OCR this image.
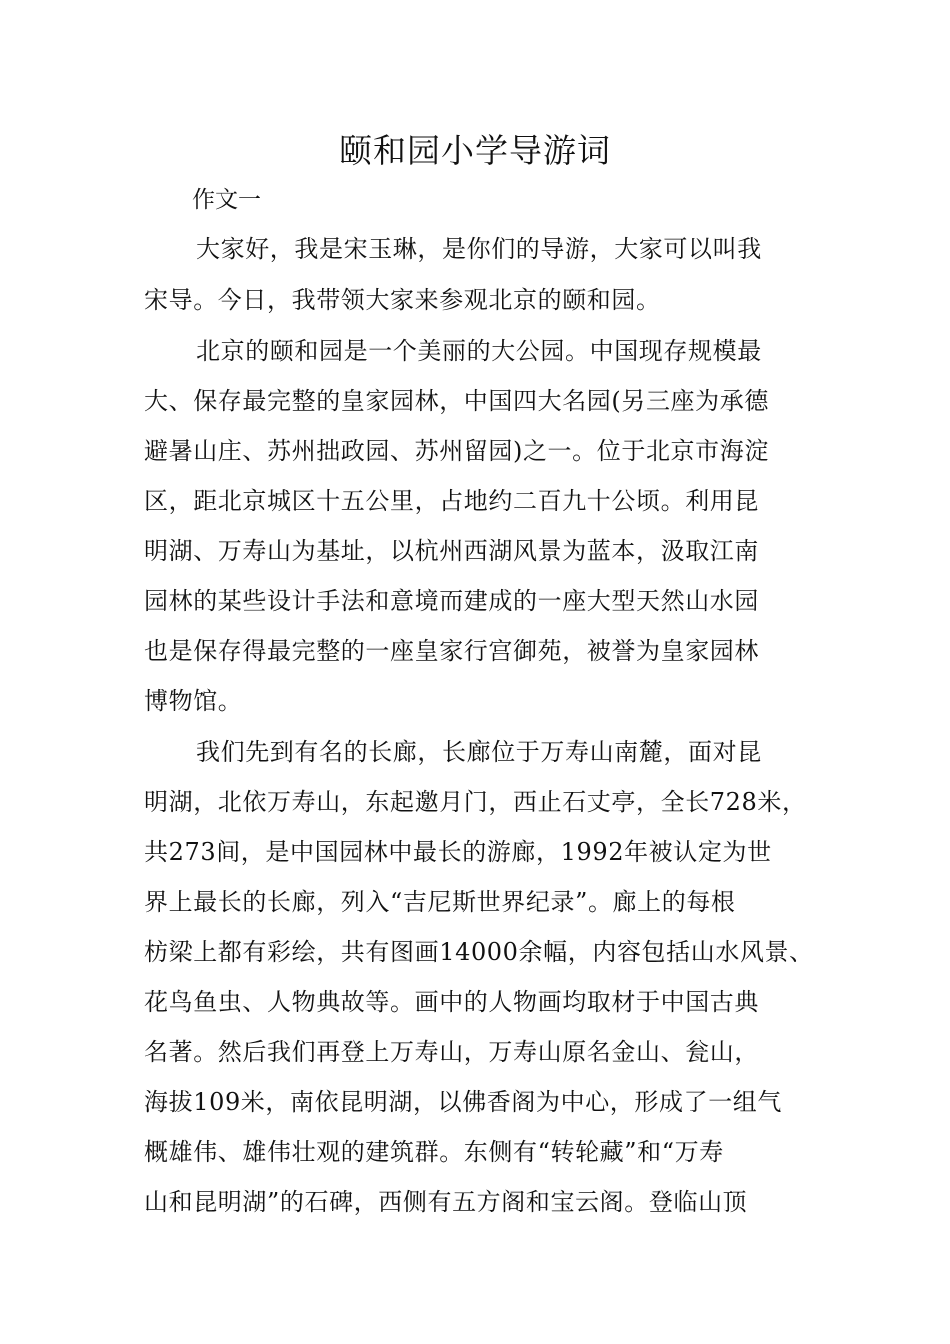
颐和园小学导游词
作文一
大家好，我是宋玉琳，是你们的导游，大家可以叫我
宋导。今日，我带领大家来参观北京的颐和园。
北京的颐和园是一个美丽的大公园。中国现存规模最
大、保存最完整的皇家园林，中国四大名园(另三座为承德
避暑山庄、苏州拙政园、苏州留园)之一。位于北京市海淀
区，距北京城区十五公里，占地约二百九十公顷。利用昆
明湖、万寿山为基址，以杭州西湖风景为蓝本，汲取江南
园林的某些设计手法和意境而建成的一座大型天然山水园
也是保存得最完整的一座皇家行宫御苑，被誉为皇家园林
博物馆。
我们先到有名的长廊，长廊位于万寿山南麓，面对昆
明湖，北依万寿山，东起邀月门，西止石丈亭，全长728米，
共273间，是中国园林中最长的游廊，1992年被认定为世
界上最长的长廊，列入“吉尼斯世界纪录”。廊上的每根
枋梁上都有彩绘，共有图画14000余幅，内容包括山水风景、
花鸟鱼虫、人物典故等。画中的人物画均取材于中国古典
名著。然后我们再登上万寿山，万寿山原名金山、瓮山，
海拔109米，南依昆明湖，以佛香阁为中心，形成了一组气
概雄伟、雄伟壮观的建筑群。东侧有“转轮藏”和“万寿
山和昆明湖”的石碑，西侧有五方阁和宝云阁。登临山顶
